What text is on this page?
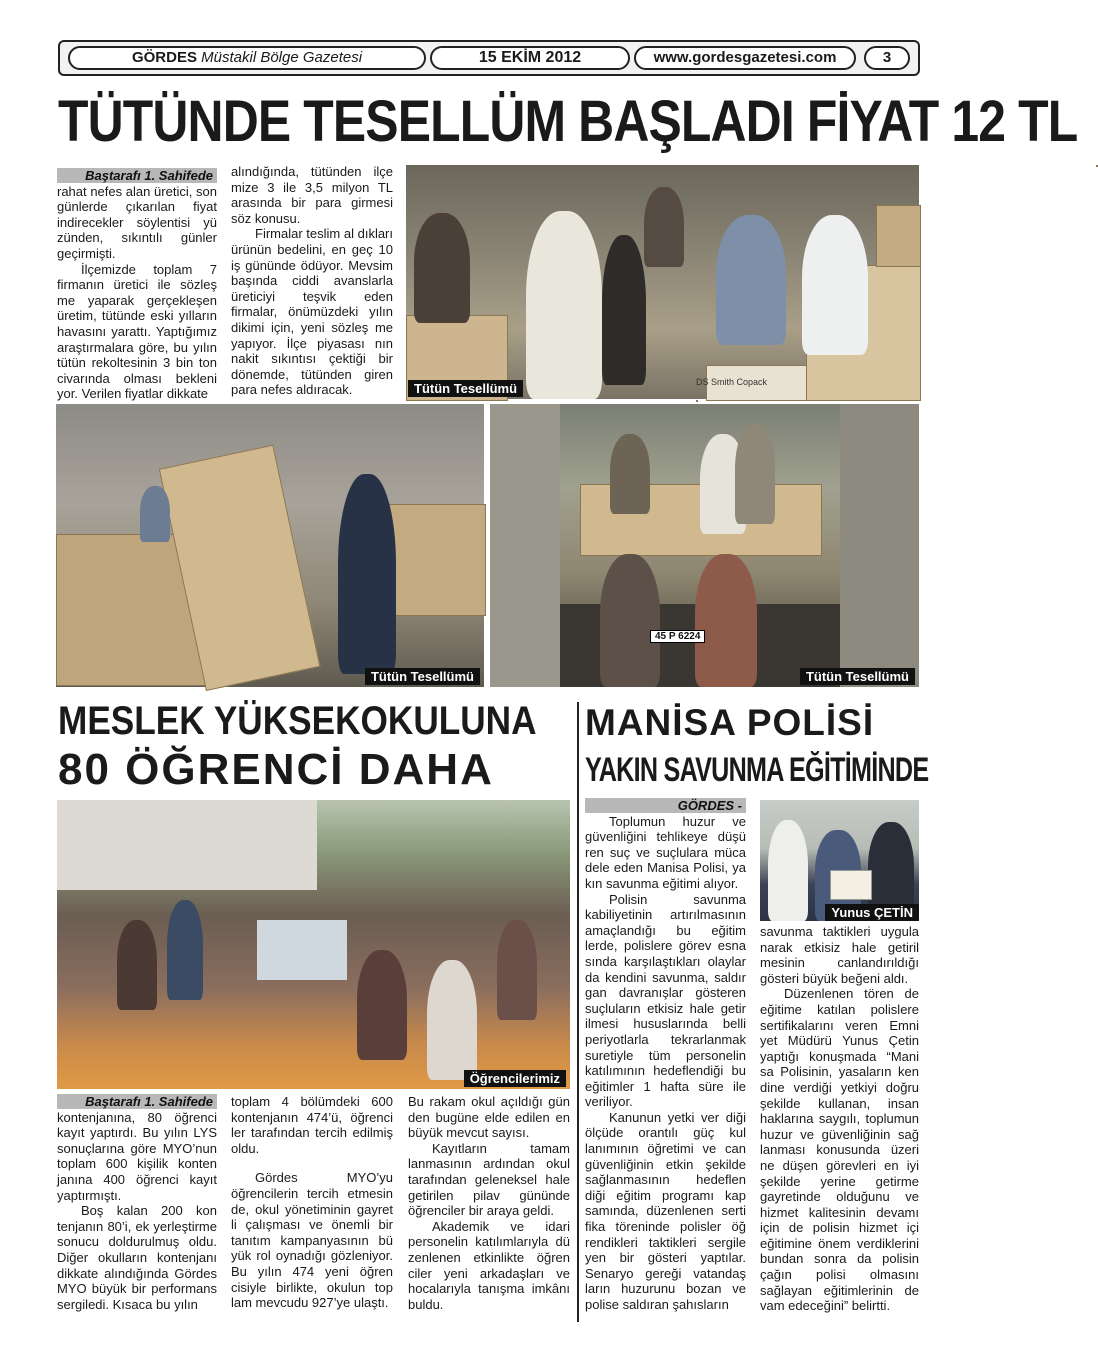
GÖRDES Müstakil Bölge Gazetesi	15 EKİM 2012	www.gordesgazetesi.com	3
TÜTÜNDE TESELLÜM BAŞLADI FİYAT 12 TL
Baştarafı 1. Sahifede

rahat nefes alan üretici, son günlerde çıkarılan fiyat indirecekler söylentisi yü zünden, sıkıntılı günler geçirmişti.

İlçemizde toplam 7 firmanın üretici ile sözleş me yaparak gerçekleşen üretim, tütünde eski yılların havasını yarattı. Yaptığımız araştırmalara göre, bu yılın tütün rekoltesinin 3 bin ton civarında olması bekleni yor. Verilen fiyatlar dikkate

alındığında, tütünden ilçe mize 3 ile 3,5 milyon TL arasında bir para girmesi söz konusu.

Firmalar teslim al dıkları ürünün bedelini, en geç 10 iş gününde ödüyor. Mevsim başında ciddi avanslarla üreticiyi teşvik eden firmalar, önümüzdeki yılın dikimi için, yeni sözleş me yapıyor. İlçe piyasası nın nakit sıkıntısı çektiği bir dönemde, tütünden giren para nefes aldıracak.

DS Smith Copack
Tütün Tesellümü
Tütün Tesellümü
45 P 6224
Tütün Tesellümü
MESLEK YÜKSEKOKULUNA
80 ÖĞRENCİ DAHA
MANİSA POLİSİ
YAKIN SAVUNMA EĞİTİMİNDE
Öğrencilerimiz
Baştarafı 1. Sahifede

kontenjanına, 80 öğrenci kayıt yaptırdı. Bu yılın LYS sonuçlarına göre MYO’nun toplam 600 kişilik konten janına 400 öğrenci kayıt yaptırmıştı.

Boş kalan 200 kon tenjanın 80’i, ek yerleştirme sonucu doldurulmuş oldu. Diğer okulların kontenjanı dikkate alındığında Gördes MYO büyük bir performans sergiledi. Kısaca bu yılın

toplam 4 bölümdeki 600 kontenjanın 474’ü, öğrenci ler tarafından tercih edilmiş oldu.

Gördes MYO’yu öğrencilerin tercih etmesin de, okul yönetiminin gayret li çalışması ve önemli bir tanıtım kampanyasının bü yük rol oynadığı gözleniyor. Bu yılın 474 yeni öğren cisiyle birlikte, okulun top lam mevcudu 927’ye ulaştı.

Bu rakam okul açıldığı gün den bugüne elde edilen en büyük mevcut sayısı.

Kayıtların tamam lanmasının ardından okul tarafından geleneksel hale getirilen pilav gününde öğrenciler bir araya geldi.

Akademik ve idari personelin katılımlarıyla dü zenlenen etkinlikte öğren ciler yeni arkadaşları ve hocalarıyla tanışma imkânı buldu.

GÖRDES -

Toplumun huzur ve güvenliğini tehlikeye düşü ren suç ve suçlulara müca dele eden Manisa Polisi, ya kın savunma eğitimi alıyor.

Polisin savunma kabiliyetinin artırılmasının amaçlandığı bu eğitim lerde, polislere görev esna sında karşılaştıkları olaylar da kendini savunma, saldır gan davranışlar gösteren suçluların etkisiz hale getir ilmesi hususlarında belli periyotlarla tekrarlanmak suretiyle tüm personelin katılımının hedeflendiği bu eğitimler 1 hafta süre ile veriliyor.

Kanunun yetki ver diği ölçüde orantılı güç kul lanımının öğretimi ve can güvenliğinin etkin şekilde sağlanmasının hedeflen diği eğitim programı kap samında, düzenlenen serti fika töreninde polisler öğ rendikleri taktikleri sergile yen bir gösteri yaptılar. Senaryo gereği vatandaş ların huzurunu bozan ve polise saldıran şahısların

Yunus ÇETİN

savunma taktikleri uygula narak etkisiz hale getiril mesinin canlandırıldığı gösteri büyük beğeni aldı.

Düzenlenen tören de eğitime katılan polislere sertifikalarını veren Emni yet Müdürü Yunus Çetin yaptığı konuşmada “Mani sa Polisinin, yasaların ken dine verdiği yetkiyi doğru şekilde kullanan, insan haklarına saygılı, toplumun huzur ve güvenliğinin sağ lanması konusunda üzeri ne düşen görevleri en iyi şekilde yerine getirme gayretinde olduğunu ve hizmet kalitesinin devamı için de polisin hizmet içi eğitimine önem verdiklerini bundan sonra da polisin çağın polisi olmasını sağlayan eğitimlerinin de vam edeceğini” belirtti.
